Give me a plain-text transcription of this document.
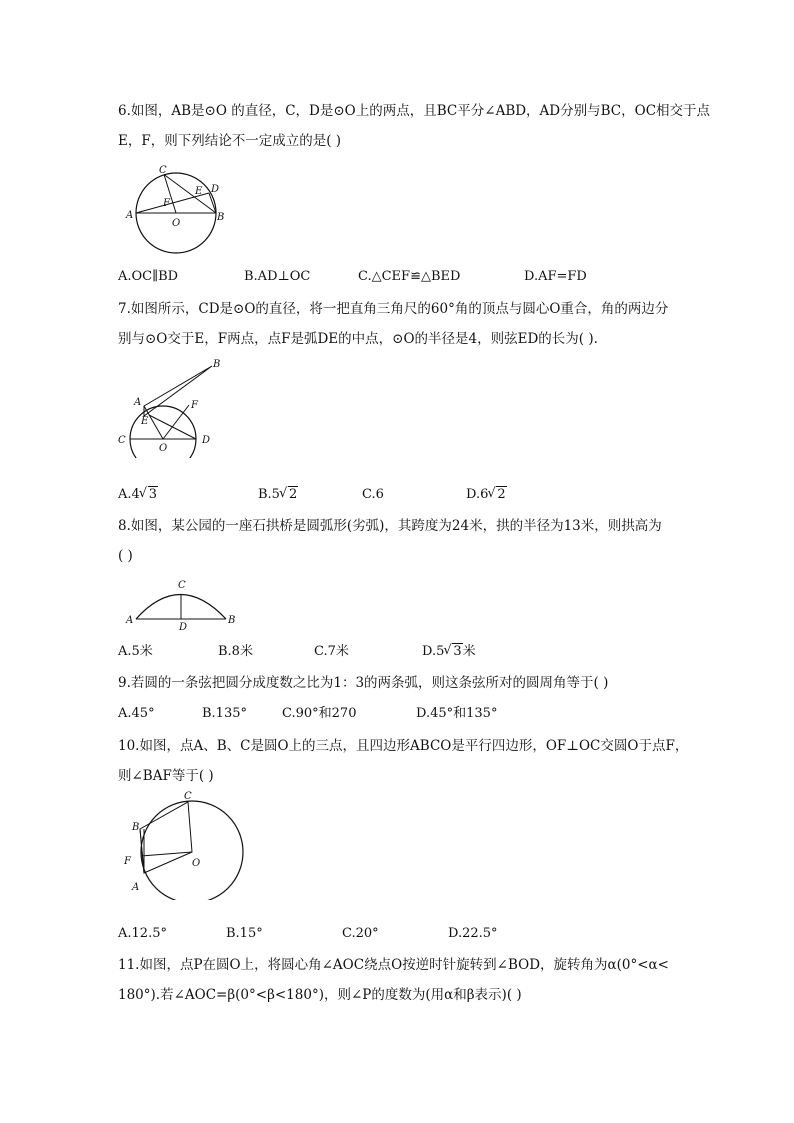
6.如图，AB是⊙O 的直径，C，D是⊙O上的两点，且BC平分∠ABD，AD分别与BC，OC相交于点
E，F，则下列结论不一定成立的是( )
C
D
E
F
A	B
O
A.OC∥BD	B.AD⊥OC	C.△CEF≌△BED	D.AF=FD
7.如图所示，CD是⊙O的直径，将一把直角三角尺的60°角的顶点与圆心O重合，角的两边分
别与⊙O交于E，F两点，点F是弧DE的中点，⊙O的半径是4，则弦ED的长为( ).
B
A	F
E
C	D
O
A.4 √ 3	B.5 √ 2	C.6	D.6 √ 2
8.如图，某公园的一座石拱桥是圆弧形(劣弧)，其跨度为24米，拱的半径为13米，则拱高为
( )
C
A	B
D
A.5米	B.8米	C.7米	D.5 √ 3米
9.若圆的一条弦把圆分成度数之比为1：3的两条弧，则这条弦所对的圆周角等于( )
A.45°	B.135°	C.90°和270	D.45°和135°
10.如图，点A、B、C是圆O上的三点，且四边形ABCO是平行四边形，OF⊥OC交圆O于点F，
则∠BAF等于( )
C
B
F	O
A
A.12.5°	B.15°	C.20°	D.22.5°
11.如图，点P在圆O上，将圆心角∠AOC绕点O按逆时针旋转到∠BOD，旋转角为α(0°<α<
180°).若∠AOC=β(0°<β<180°)，则∠P的度数为(用α和β表示)( )
